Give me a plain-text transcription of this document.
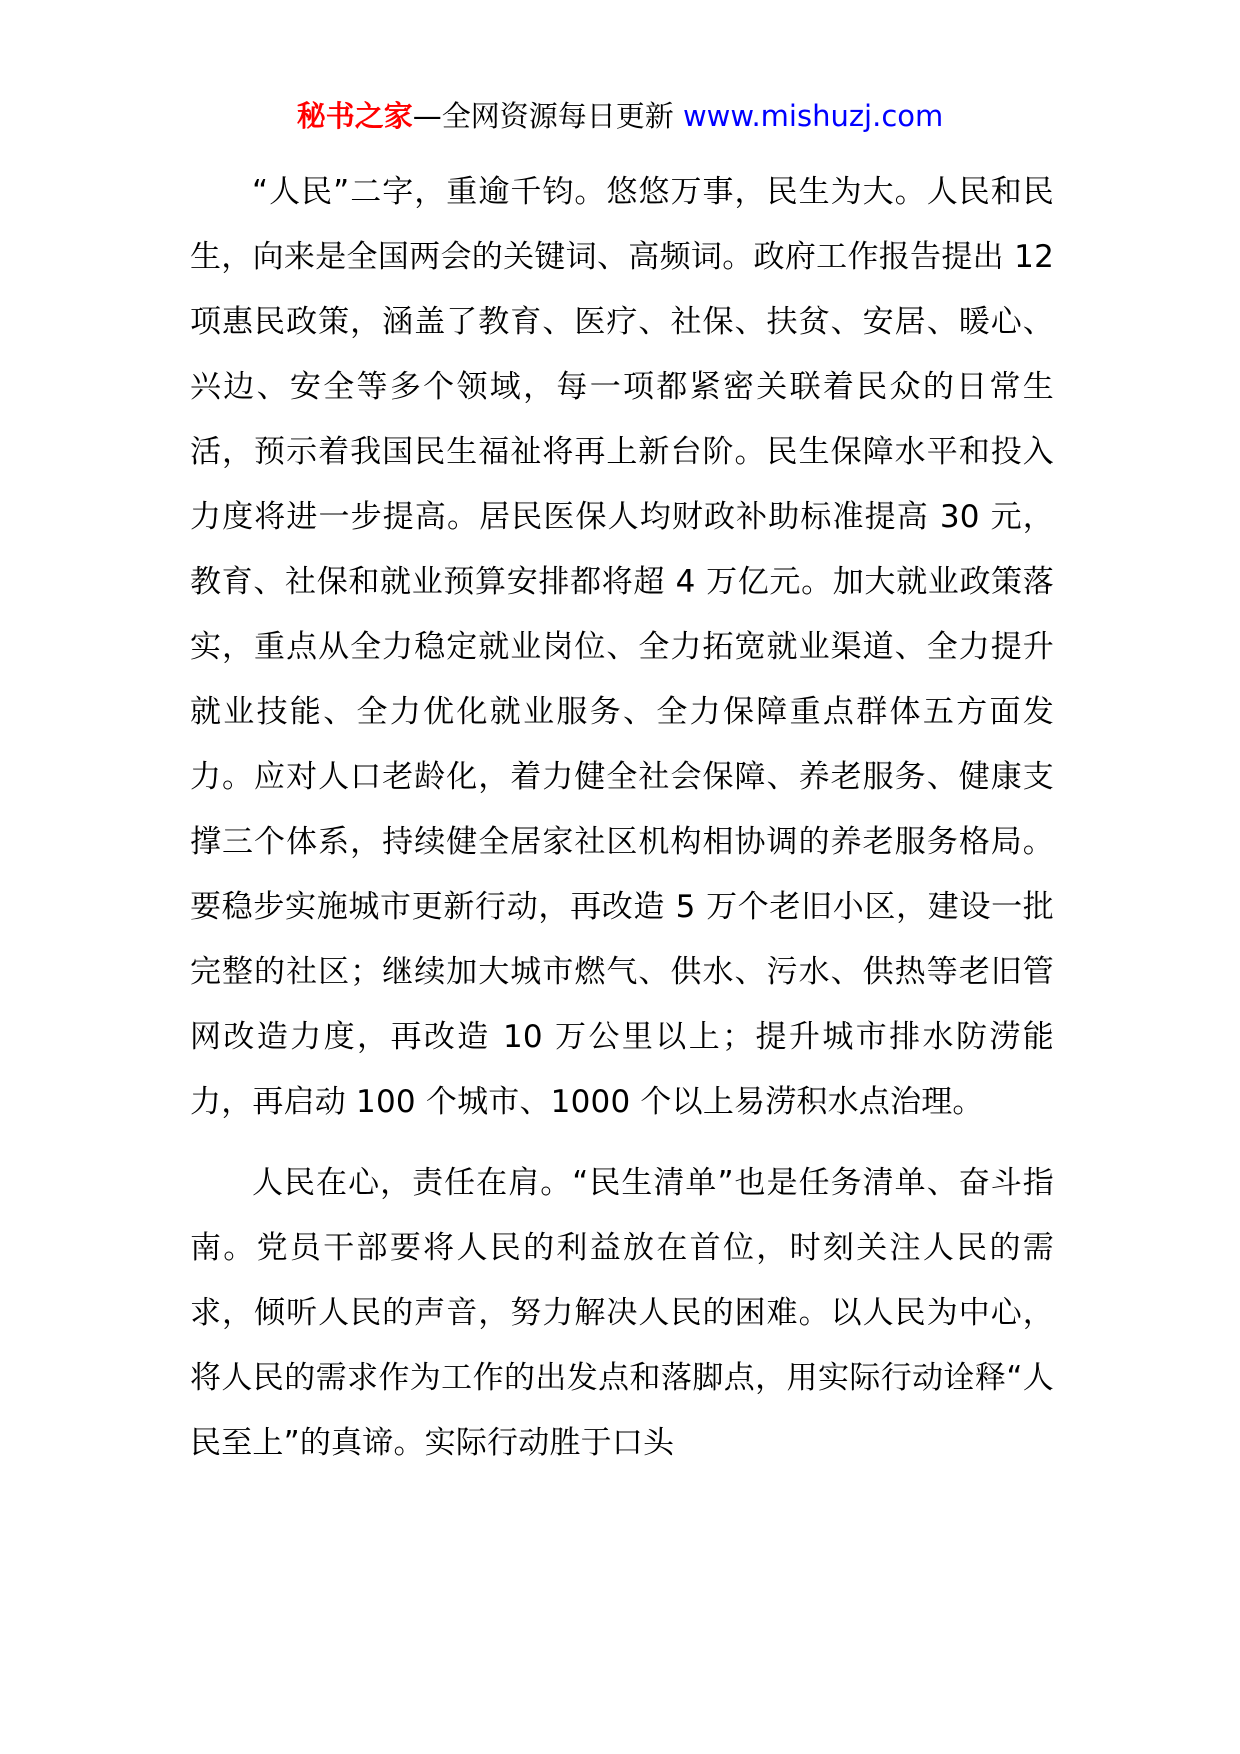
秘书之家—全网资源每日更新 www.mishuzj.com

“人民”二字，重逾千钧。悠悠万事，民生为大。人民和民生，向来是全国两会的关键词、高频词。政府工作报告提出 12 项惠民政策，涵盖了教育、医疗、社保、扶贫、安居、暖心、兴边、安全等多个领域，每一项都紧密关联着民众的日常生活，预示着我国民生福祉将再上新台阶。民生保障水平和投入力度将进一步提高。居民医保人均财政补助标准提高 30 元，教育、社保和就业预算安排都将超 4 万亿元。加大就业政策落实，重点从全力稳定就业岗位、全力拓宽就业渠道、全力提升就业技能、全力优化就业服务、全力保障重点群体五方面发力。应对人口老龄化，着力健全社会保障、养老服务、健康支撑三个体系，持续健全居家社区机构相协调的养老服务格局。要稳步实施城市更新行动，再改造 5 万个老旧小区，建设一批完整的社区；继续加大城市燃气、供水、污水、供热等老旧管网改造力度，再改造 10 万公里以上；提升城市排水防涝能力，再启动 100 个城市、1000 个以上易涝积水点治理。

人民在心，责任在肩。“民生清单”也是任务清单、奋斗指南。党员干部要将人民的利益放在首位，时刻关注人民的需求，倾听人民的声音，努力解决人民的困难。以人民为中心，将人民的需求作为工作的出发点和落脚点，用实际行动诠释“人民至上”的真谛。实际行动胜于口头
